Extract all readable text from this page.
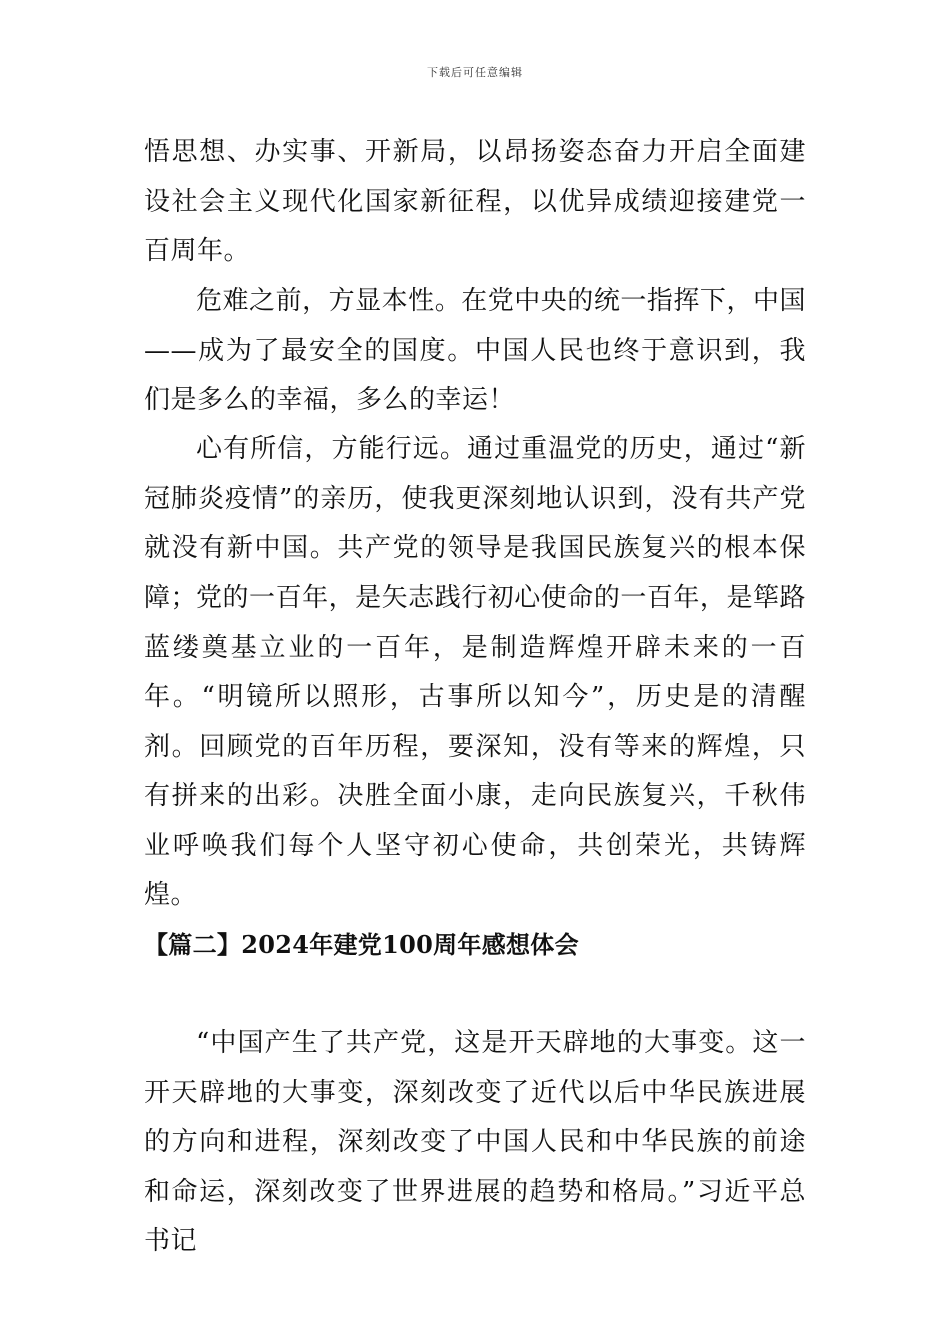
下载后可任意编辑

悟思想、办实事、开新局，以昂扬姿态奋力开启全面建设社会主义现代化国家新征程，以优异成绩迎接建党一百周年。

危难之前，方显本性。在党中央的统一指挥下，中国——成为了最安全的国度。中国人民也终于意识到，我们是多么的幸福，多么的幸运！

心有所信，方能行远。通过重温党的历史，通过“新冠肺炎疫情”的亲历，使我更深刻地认识到，没有共产党就没有新中国。共产党的领导是我国民族复兴的根本保障；

党的一百年，是矢志践行初心使命的一百年，是筚路蓝缕奠基立业的一百年，是制造辉煌开辟未来的一百年。“明镜所以照形，古事所以知今”，历史是的清醒剂。回顾党的百年历程，要深知，没有等来的辉煌，只有拼来的出彩。决胜全面小康，走向民族复兴，千秋伟业呼唤我们每个人坚守初心使命，共创荣光，共铸辉煌。

【篇二】2024年建党100周年感想体会

“中国产生了共产党，这是开天辟地的大事变。这一开天辟地的大事变，深刻改变了近代以后中华民族进展的方向和进程，深刻改变了中国人民和中华民族的前途和命运，深刻改变了世界进展的趋势和格局。”习近平总书记
